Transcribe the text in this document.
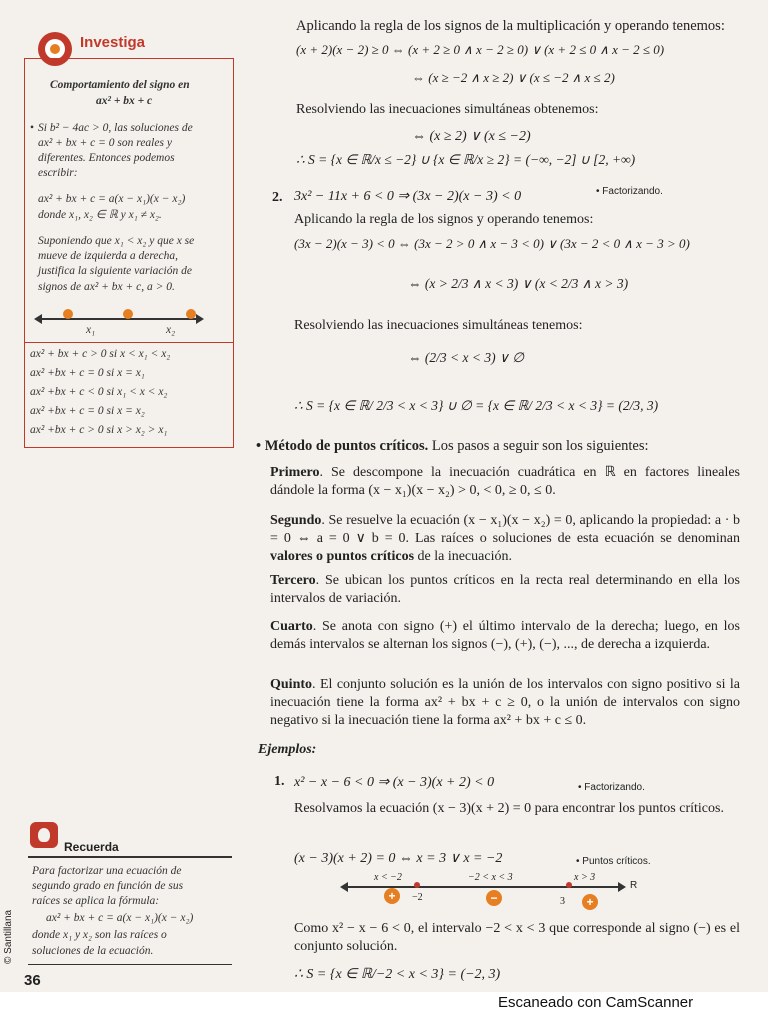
Investiga
Comportamiento del signo en
ax² + bx + c
• Si b² − 4ac > 0, las soluciones de
ax² + bx + c = 0 son reales y
diferentes. Entonces podemos
escribir:
ax² + bx + c = a(x − x₁)(x − x₂)
donde x₁, x₂ ∈ ℝ y x₁ ≠ x₂.
Suponiendo que x₁ < x₂ y que x se
mueve de izquierda a derecha,
justifica la siguiente variación de
signos de ax² + bx + c, a > 0.
x₁	x₂
ax² + bx + c > 0 si x < x₁ < x₂
ax² +bx + c = 0 si x = x₁
ax² +bx + c < 0 si x₁ < x < x₂
ax² +bx + c = 0 si x = x₂
ax² +bx + c > 0 si x > x₂ > x₁
Recuerda
Para factorizar una ecuación de
segundo grado en función de sus
raíces se aplica la fórmula:
ax² + bx + c = a(x − x₁)(x − x₂)
donde x₁ y x₂ son las raíces o
soluciones de la ecuación.
© Santillana
36
Aplicando la regla de los signos de la multiplicación y operando tenemos:
(x + 2)(x − 2) ≥ 0 ⇔ (x + 2 ≥ 0 ∧ x − 2 ≥ 0) ∨ (x + 2 ≤ 0 ∧ x − 2 ≤ 0)
⇔ (x ≥ −2 ∧ x ≥ 2) ∨ (x ≤ −2 ∧ x ≤ 2)
Resolviendo las inecuaciones simultáneas obtenemos:
⇔ (x ≥ 2) ∨ (x ≤ −2)
∴ S = {x ∈ ℝ/x ≤ −2} ∪ {x ∈ ℝ/x ≥ 2} = (−∞, −2] ∪ [2, +∞)
2. 3x² − 11x + 6 < 0 ⇒ (3x − 2)(x − 3) < 0	• Factorizando.
Aplicando la regla de los signos y operando tenemos:
(3x − 2)(x − 3) < 0 ⇔ (3x − 2 > 0 ∧ x − 3 < 0) ∨ (3x − 2 < 0 ∧ x − 3 > 0)
⇔ (x > 2/3 ∧ x < 3) ∨ (x < 2/3 ∧ x > 3)
Resolviendo las inecuaciones simultáneas tenemos:
⇔ (2/3 < x < 3) ∨ ∅
∴ S = {x ∈ ℝ/ 2/3 < x < 3} ∪ ∅ = {x ∈ ℝ/ 2/3 < x < 3} = (2/3, 3)
• Método de puntos críticos. Los pasos a seguir son los siguientes:
Primero. Se descompone la inecuación cuadrática en ℝ en factores lineales dándole la forma (x − x₁)(x − x₂) > 0, < 0, ≥ 0, ≤ 0.
Segundo. Se resuelve la ecuación (x − x₁)(x − x₂) = 0, aplicando la propiedad: a · b = 0 ⇔ a = 0 ∨ b = 0. Las raíces o soluciones de esta ecuación se denominan valores o puntos críticos de la inecuación.
Tercero. Se ubican los puntos críticos en la recta real determinando en ella los intervalos de variación.
Cuarto. Se anota con signo (+) el último intervalo de la derecha; luego, en los demás intervalos se alternan los signos (−), (+), (−), ..., de derecha a izquierda.
Quinto. El conjunto solución es la unión de los intervalos con signo positivo si la inecuación tiene la forma ax² + bx + c ≥ 0, o la unión de intervalos con signo negativo si la inecuación tiene la forma ax² + bx + c ≤ 0.
Ejemplos:
1. x² − x − 6 < 0 ⇒ (x − 3)(x + 2) < 0	• Factorizando.
Resolvamos la ecuación (x − 3)(x + 2) = 0 para encontrar los puntos críticos.
(x − 3)(x + 2) = 0 ⇔ x = 3 ∨ x = −2	• Puntos críticos.
x < −2	−2 < x < 3	x > 3
R
−2	3
+	−	+
Como x² − x − 6 < 0, el intervalo −2 < x < 3 que corresponde al signo (−) es el conjunto solución.
∴ S = {x ∈ ℝ/−2 < x < 3} = (−2, 3)
Escaneado con CamScanner
